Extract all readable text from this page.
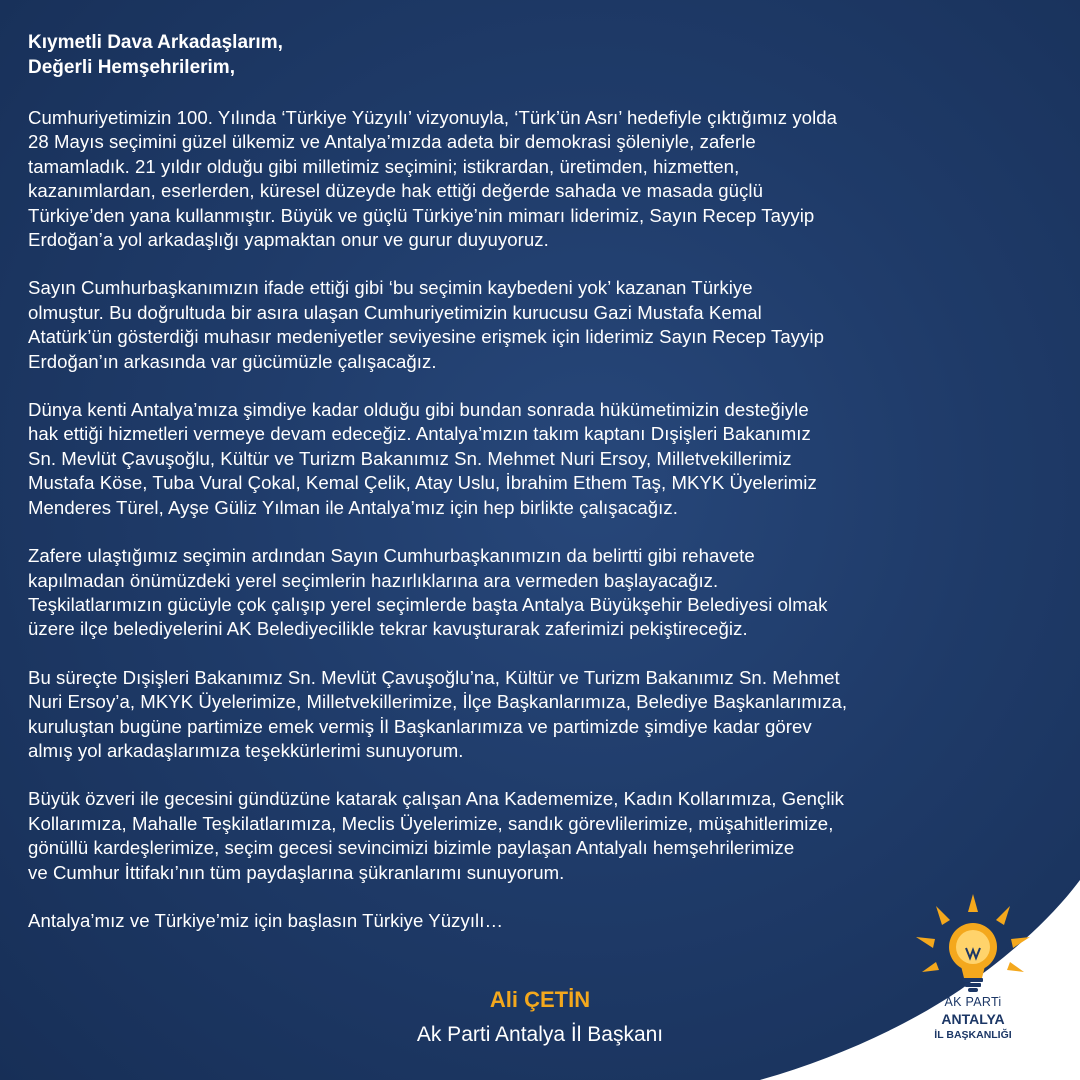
Kıymetli Dava Arkadaşlarım,
Değerli Hemşehrilerim,
Cumhuriyetimizin 100. Yılında ‘Türkiye Yüzyılı’ vizyonuyla, ‘Türk’ün Asrı’ hedefiyle çıktığımız yolda
28 Mayıs seçimini güzel ülkemiz ve Antalya’mızda adeta bir demokrasi şöleniyle, zaferle
tamamladık. 21 yıldır olduğu gibi milletimiz seçimini; istikrardan, üretimden, hizmetten,
kazanımlardan, eserlerden, küresel düzeyde hak ettiği değerde sahada ve masada güçlü
Türkiye’den yana kullanmıştır. Büyük ve güçlü Türkiye’nin mimarı liderimiz, Sayın Recep Tayyip
Erdoğan’a yol arkadaşlığı yapmaktan onur ve gurur duyuyoruz.
Sayın Cumhurbaşkanımızın ifade ettiği gibi ‘bu seçimin kaybedeni yok’ kazanan Türkiye
olmuştur. Bu doğrultuda bir asıra ulaşan Cumhuriyetimizin kurucusu Gazi Mustafa Kemal
Atatürk’ün gösterdiği muhasır medeniyetler seviyesine erişmek için liderimiz Sayın Recep Tayyip
Erdoğan’ın arkasında var gücümüzle çalışacağız.
Dünya kenti Antalya’mıza şimdiye kadar olduğu gibi bundan sonrada hükümetimizin desteğiyle
hak ettiği hizmetleri vermeye devam edeceğiz. Antalya’mızın takım kaptanı Dışişleri Bakanımız
Sn. Mevlüt Çavuşoğlu, Kültür ve Turizm Bakanımız Sn. Mehmet Nuri Ersoy, Milletvekillerimiz
Mustafa Köse, Tuba Vural Çokal, Kemal Çelik, Atay Uslu, İbrahim Ethem Taş, MKYK Üyelerimiz
Menderes Türel, Ayşe Güliz Yılman ile Antalya’mız için hep birlikte çalışacağız.
Zafere ulaştığımız seçimin ardından Sayın Cumhurbaşkanımızın da belirtti gibi rehavete
kapılmadan önümüzdeki yerel seçimlerin hazırlıklarına ara vermeden başlayacağız.
Teşkilatlarımızın gücüyle çok çalışıp yerel seçimlerde başta Antalya Büyükşehir Belediyesi olmak
üzere ilçe belediyelerini AK Belediyecilikle tekrar kavuşturarak zaferimizi pekiştireceğiz.
Bu süreçte Dışişleri Bakanımız Sn. Mevlüt Çavuşoğlu’na, Kültür ve Turizm Bakanımız Sn. Mehmet
Nuri Ersoy’a, MKYK Üyelerimize, Milletvekillerimize, İlçe Başkanlarımıza, Belediye Başkanlarımıza,
kuruluştan bugüne partimize emek vermiş İl Başkanlarımıza ve partimizde şimdiye kadar görev
almış yol arkadaşlarımıza teşekkürlerimi sunuyorum.
Büyük özveri ile gecesini gündüzüne katarak çalışan Ana Kadememize, Kadın Kollarımıza, Gençlik
Kollarımıza, Mahalle Teşkilatlarımıza, Meclis Üyelerimize, sandık görevlilerimize, müşahitlerimize,
gönüllü kardeşlerimize, seçim gecesi sevincimizi bizimle paylaşan Antalyalı hemşehrilerimize
ve Cumhur İttifakı’nın tüm paydaşlarına şükranlarımı sunuyorum.
Antalya’mız ve Türkiye’miz için başlasın Türkiye Yüzyılı…
Ali ÇETİN
Ak Parti Antalya İl Başkanı
AK PARTi
ANTALYA
İL BAŞKANLIĞI
